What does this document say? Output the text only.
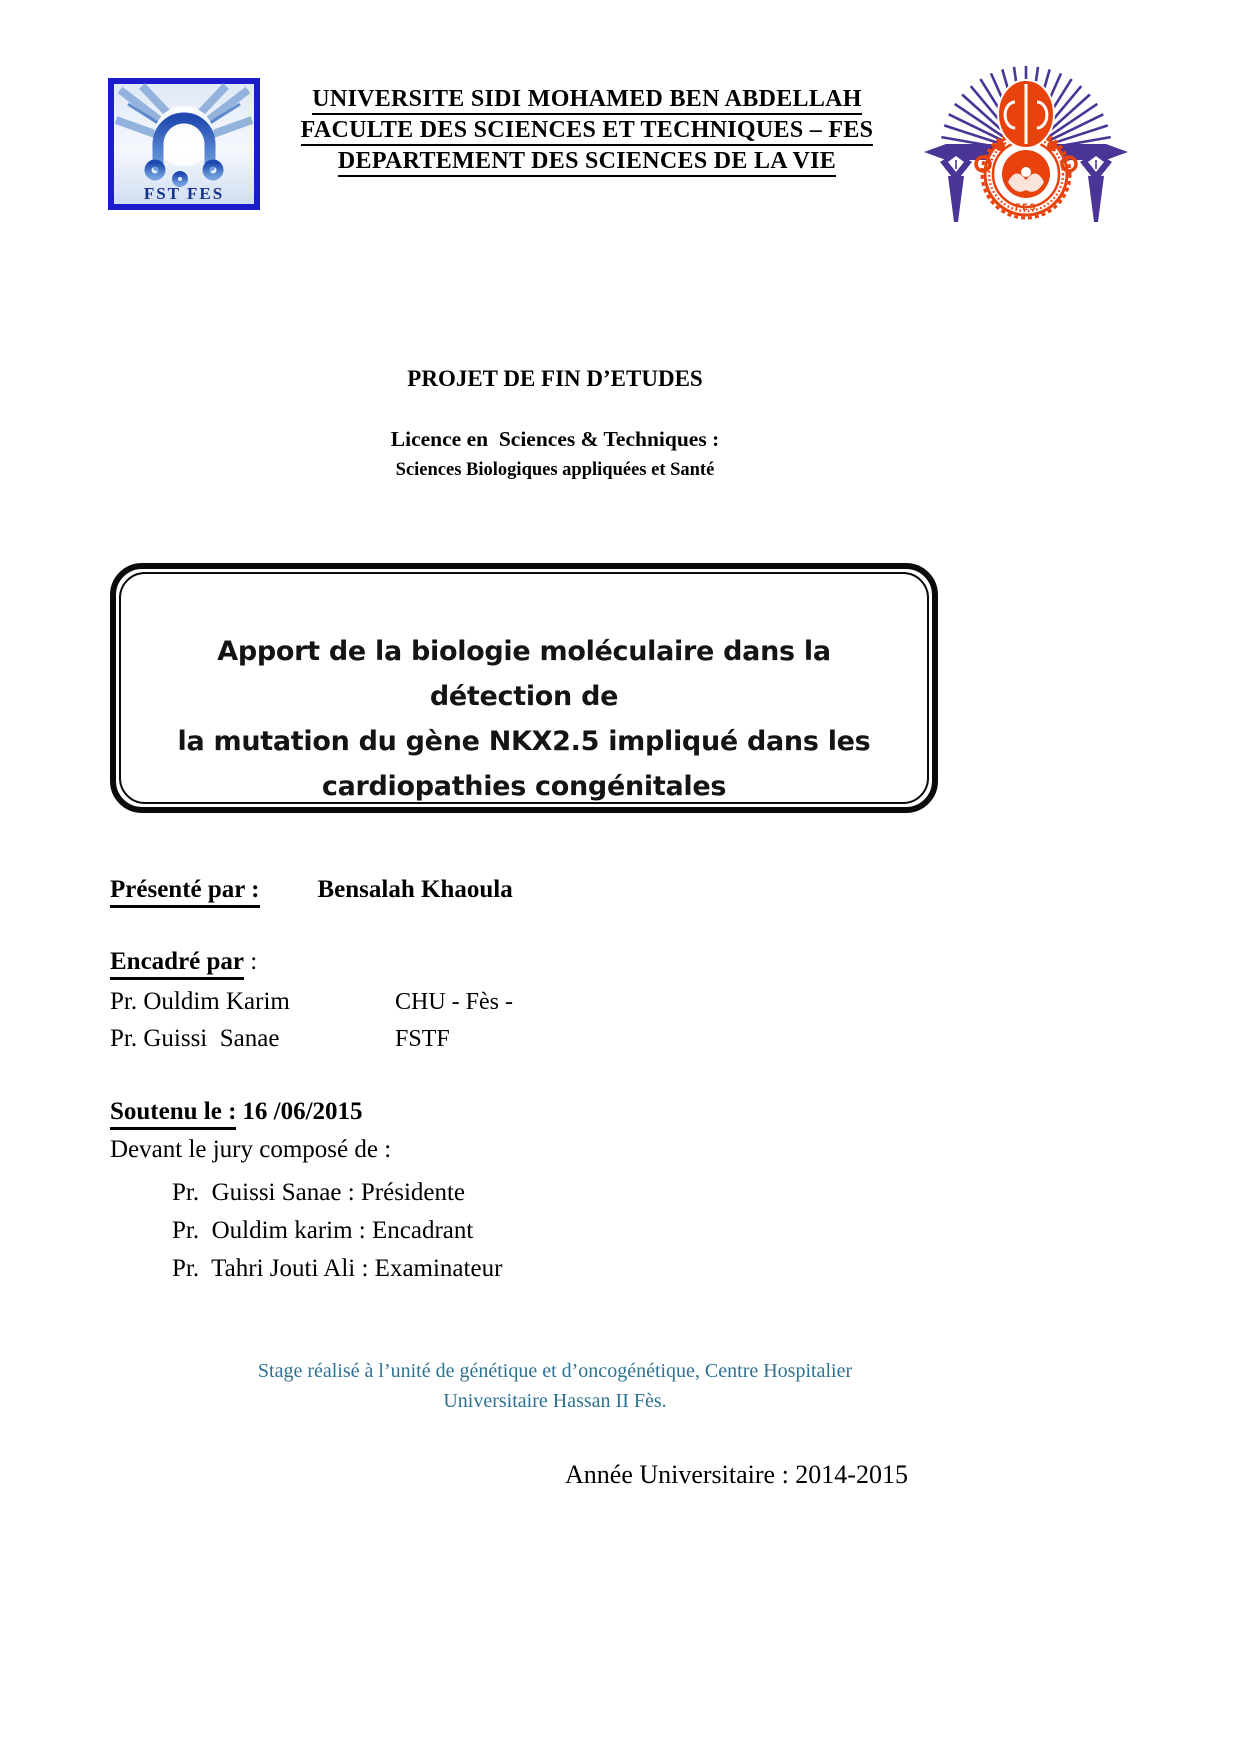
FST FES
UNIVERSITE SIDI MOHAMED BEN ABDELLAH
FACULTE DES SCIENCES ET TECHNIQUES – FES
DEPARTEMENT DES SCIENCES DE LA VIE
FES
PROJET DE FIN D’ETUDES
Licence en  Sciences & Techniques :
Sciences Biologiques appliquées et Santé
Apport de la biologie moléculaire dans la détection de
la mutation du gène NKX2.5 impliqué dans les
cardiopathies congénitales
Présenté par : Bensalah Khaoula
Encadré par :
Pr. Ouldim Karim	CHU - Fès -
Pr. Guissi  Sanae	FSTF
Soutenu le : 16 /06/2015
Devant le jury composé de :
Pr.  Guissi Sanae : Présidente
Pr.  Ouldim karim : Encadrant
Pr.  Tahri Jouti Ali : Examinateur
Stage réalisé à l’unité de génétique et d’oncogénétique, Centre Hospitalier
Universitaire Hassan II Fès.
Année Universitaire : 2014-2015
